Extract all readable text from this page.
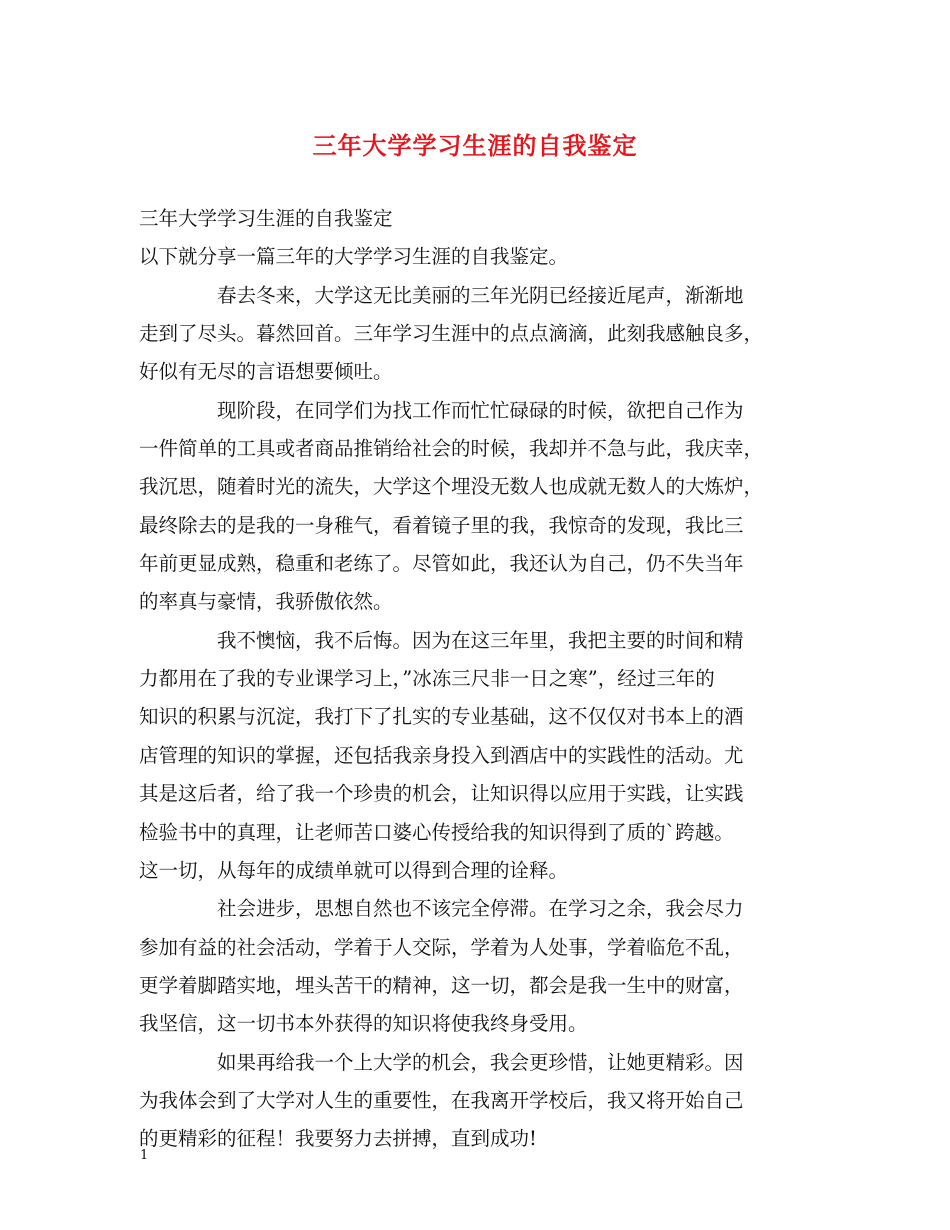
三年大学学习生涯的自我鉴定
三年大学学习生涯的自我鉴定
以下就分享一篇三年的大学学习生涯的自我鉴定。
春去冬来，大学这无比美丽的三年光阴已经接近尾声，渐渐地
走到了尽头。暮然回首。三年学习生涯中的点点滴滴，此刻我感触良多，
好似有无尽的言语想要倾吐。
现阶段，在同学们为找工作而忙忙碌碌的时候，欲把自己作为
一件简单的工具或者商品推销给社会的时候，我却并不急与此，我庆幸，
我沉思，随着时光的流失，大学这个埋没无数人也成就无数人的大炼炉，
最终除去的是我的一身稚气，看着镜子里的我，我惊奇的发现，我比三
年前更显成熟，稳重和老练了。尽管如此，我还认为自己，仍不失当年
的率真与豪情，我骄傲依然。
我不懊恼，我不后悔。因为在这三年里，我把主要的时间和精
力都用在了我的专业课学习上，”冰冻三尺非一日之寒”，经过三年的
知识的积累与沉淀，我打下了扎实的专业基础，这不仅仅对书本上的酒
店管理的知识的掌握，还包括我亲身投入到酒店中的实践性的活动。尤
其是这后者，给了我一个珍贵的机会，让知识得以应用于实践，让实践
检验书中的真理，让老师苦口婆心传授给我的知识得到了质的`跨越。
这一切，从每年的成绩单就可以得到合理的诠释。
社会进步，思想自然也不该完全停滞。在学习之余，我会尽力
参加有益的社会活动，学着于人交际，学着为人处事，学着临危不乱，
更学着脚踏实地，埋头苦干的精神，这一切，都会是我一生中的财富，
我坚信，这一切书本外获得的知识将使我终身受用。
如果再给我一个上大学的机会，我会更珍惜，让她更精彩。因
为我体会到了大学对人生的重要性，在我离开学校后，我又将开始自己
的更精彩的征程！我要努力去拼搏，直到成功!
1
